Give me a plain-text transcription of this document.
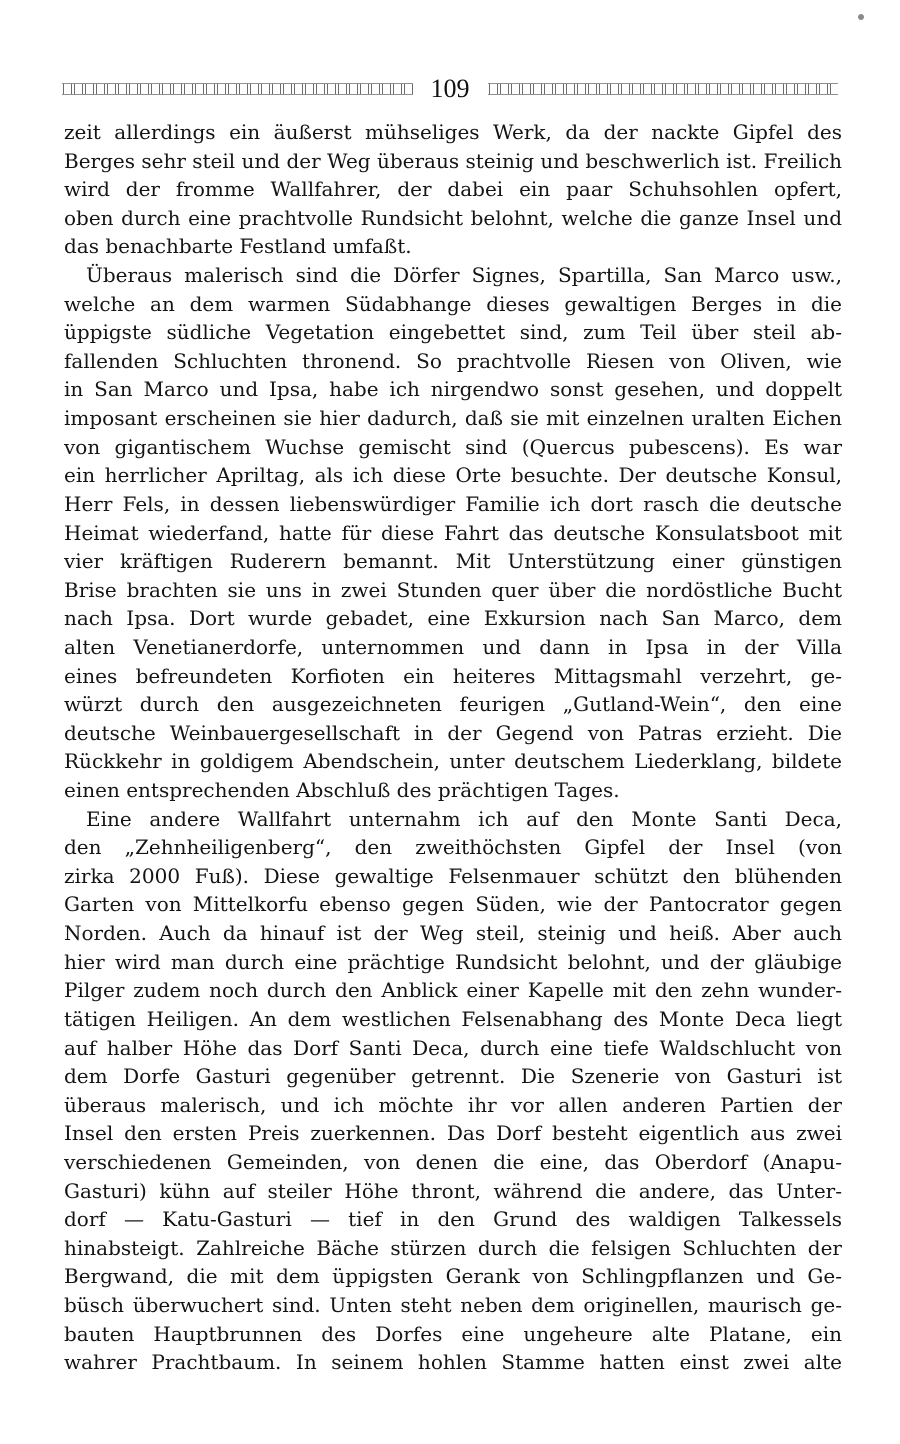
109
zeit allerdings ein äußerst mühseliges Werk, da der nackte Gipfel des
Berges sehr steil und der Weg überaus steinig und beschwerlich ist. Freilich
wird der fromme Wallfahrer, der dabei ein paar Schuhsohlen opfert,
oben durch eine prachtvolle Rundsicht belohnt, welche die ganze Insel und
das benachbarte Festland umfaßt.
Überaus malerisch sind die Dörfer Signes, Spartilla, San Marco usw.,
welche an dem warmen Südabhange dieses gewaltigen Berges in die
üppigste südliche Vegetation eingebettet sind, zum Teil über steil ab-
fallenden Schluchten thronend. So prachtvolle Riesen von Oliven, wie
in San Marco und Ipsa, habe ich nirgendwo sonst gesehen, und doppelt
imposant erscheinen sie hier dadurch, daß sie mit einzelnen uralten Eichen
von gigantischem Wuchse gemischt sind (Quercus pubescens). Es war
ein herrlicher Apriltag, als ich diese Orte besuchte. Der deutsche Konsul,
Herr Fels, in dessen liebenswürdiger Familie ich dort rasch die deutsche
Heimat wiederfand, hatte für diese Fahrt das deutsche Konsulatsboot mit
vier kräftigen Ruderern bemannt. Mit Unterstützung einer günstigen
Brise brachten sie uns in zwei Stunden quer über die nordöstliche Bucht
nach Ipsa. Dort wurde gebadet, eine Exkursion nach San Marco, dem
alten Venetianerdorfe, unternommen und dann in Ipsa in der Villa
eines befreundeten Korfioten ein heiteres Mittagsmahl verzehrt, ge-
würzt durch den ausgezeichneten feurigen „Gutland-Wein“, den eine
deutsche Weinbauergesellschaft in der Gegend von Patras erzieht. Die
Rückkehr in goldigem Abendschein, unter deutschem Liederklang, bildete
einen entsprechenden Abschluß des prächtigen Tages.
Eine andere Wallfahrt unternahm ich auf den Monte Santi Deca,
den „Zehnheiligenberg“, den zweithöchsten Gipfel der Insel (von
zirka 2000 Fuß). Diese gewaltige Felsenmauer schützt den blühenden
Garten von Mittelkorfu ebenso gegen Süden, wie der Pantocrator gegen
Norden. Auch da hinauf ist der Weg steil, steinig und heiß. Aber auch
hier wird man durch eine prächtige Rundsicht belohnt, und der gläubige
Pilger zudem noch durch den Anblick einer Kapelle mit den zehn wunder-
tätigen Heiligen. An dem westlichen Felsenabhang des Monte Deca liegt
auf halber Höhe das Dorf Santi Deca, durch eine tiefe Waldschlucht von
dem Dorfe Gasturi gegenüber getrennt. Die Szenerie von Gasturi ist
überaus malerisch, und ich möchte ihr vor allen anderen Partien der
Insel den ersten Preis zuerkennen. Das Dorf besteht eigentlich aus zwei
verschiedenen Gemeinden, von denen die eine, das Oberdorf (Anapu-
Gasturi) kühn auf steiler Höhe thront, während die andere, das Unter-
dorf — Katu-Gasturi — tief in den Grund des waldigen Talkessels
hinabsteigt. Zahlreiche Bäche stürzen durch die felsigen Schluchten der
Bergwand, die mit dem üppigsten Gerank von Schlingpflanzen und Ge-
büsch überwuchert sind. Unten steht neben dem originellen, maurisch ge-
bauten Hauptbrunnen des Dorfes eine ungeheure alte Platane, ein
wahrer Prachtbaum. In seinem hohlen Stamme hatten einst zwei alte
